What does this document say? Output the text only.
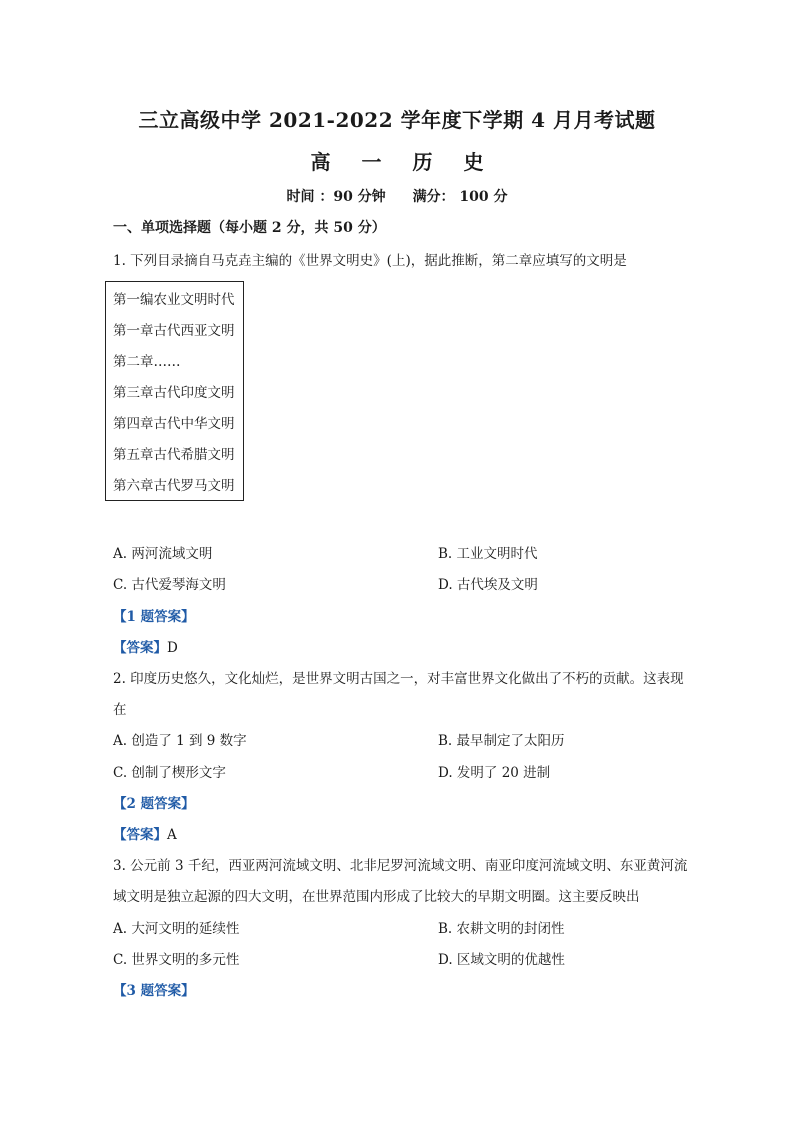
三立高级中学 2021-2022 学年度下学期 4 月月考试题
高 一 历 史
时间 ：90 分钟 满分： 100 分
一、单项选择题（每小题 2 分，共 50 分）
1. 下列目录摘自马克垚主编的《世界文明史》(上)，据此推断，第二章应填写的文明是
第一编农业文明时代
第一章古代西亚文明
第二章……
第三章古代印度文明
第四章古代中华文明
第五章古代希腊文明
第六章古代罗马文明
A. 两河流域文明	B. 工业文明时代
C. 古代爱琴海文明	D. 古代埃及文明
【1 题答案】
【答案】D
2. 印度历史悠久，文化灿烂，是世界文明古国之一，对丰富世界文化做出了不朽的贡献。这表现
在
A. 创造了 1 到 9 数字	B. 最早制定了太阳历
C. 创制了楔形文字	D. 发明了 20 进制
【2 题答案】
【答案】A
3. 公元前 3 千纪，西亚两河流域文明、北非尼罗河流域文明、南亚印度河流域文明、东亚黄河流
域文明是独立起源的四大文明，在世界范围内形成了比较大的早期文明圈。这主要反映出
A. 大河文明的延续性	B. 农耕文明的封闭性
C. 世界文明的多元性	D. 区域文明的优越性
【3 题答案】
